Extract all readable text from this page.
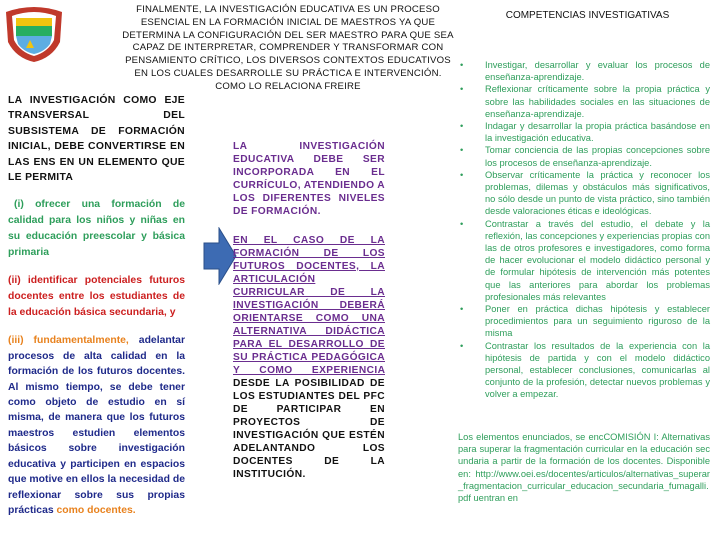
FINALMENTE, LA INVESTIGACIÓN EDUCATIVA ES UN PROCESO ESENCIAL EN LA FORMACIÓN INICIAL DE MAESTROS YA QUE DETERMINA LA CONFIGURACIÓN DEL SER MAESTRO PARA QUE SEA CAPAZ DE INTERPRETAR, COMPRENDER Y TRANSFORMAR CON PENSAMIENTO CRÍTICO, LOS DIVERSOS CONTEXTOS EDUCATIVOS EN LOS CUALES DESARROLLE SU PRÁCTICA E INTERVENCIÓN. COMO LO RELACIONA FREIRE

LA INVESTIGACIÓN COMO EJE TRANSVERSAL DEL SUBSISTEMA DE FORMACIÓN INICIAL, DEBE CONVERTIRSE EN LAS ENS EN UN ELEMENTO QUE LE PERMITA

(i) ofrecer una formación de calidad para los niños y niñas en su educación preescolar y básica primaria

(ii) identificar potenciales futuros docentes entre los estudiantes de la educación básica secundaria, y

(iii) fundamentalmente, adelantar procesos de alta calidad en la formación de los futuros docentes. Al mismo tiempo, se debe tener como objeto de estudio en sí misma, de manera que los futuros maestros estudien elementos básicos sobre investigación educativa y participen en espacios que motive en ellos la necesidad de reflexionar sobre sus propias prácticas como docentes.

LA INVESTIGACIÓN EDUCATIVA DEBE SER INCORPORADA EN EL CURRÍCULO, ATENDIENDO A LOS DIFERENTES NIVELES DE FORMACIÓN.

EN EL CASO DE LA FORMACIÓN DE LOS FUTUROS DOCENTES, LA ARTICULACIÓN CURRICULAR DE LA INVESTIGACIÓN DEBERÁ ORIENTARSE COMO UNA ALTERNATIVA DIDÁCTICA PARA EL DESARROLLO DE SU PRÁCTICA PEDAGÓGICA Y COMO EXPERIENCIA DESDE LA POSIBILIDAD DE LOS ESTUDIANTES DEL PFC DE PARTICIPAR EN PROYECTOS DE INVESTIGACIÓN QUE ESTÉN ADELANTANDO LOS DOCENTES DE LA INSTITUCIÓN.

COMPETENCIAS INVESTIGATIVAS
• Investigar, desarrollar y evaluar los procesos de enseñanza-aprendizaje.
• Reflexionar críticamente sobre la propia práctica y sobre las habilidades sociales en las situaciones de enseñanza-aprendizaje.
• Indagar y desarrollar la propia práctica basándose en la investigación educativa.
• Tomar conciencia de las propias concepciones sobre los procesos de enseñanza-aprendizaje.
• Observar críticamente la práctica y reconocer los problemas, dilemas y obstáculos más significativos, no sólo desde un punto de vista práctico, sino también desde valoraciones éticas e ideológicas.
• Contrastar a través del estudio, el debate y la reflexión, las concepciones y experiencias propias con las de otros profesores e investigadores, como forma de hacer evolucionar el modelo didáctico personal y de formular hipótesis de intervención más potentes que las anteriores para abordar los problemas profesionales más relevantes
• Poner en práctica dichas hipótesis y establecer procedimientos para un seguimiento riguroso de la misma
• Contrastar los resultados de la experiencia con la hipótesis de partida y con el modelo didáctico personal, establecer conclusiones, comunicarlas al conjunto de la profesión, detectar nuevos problemas y volver a empezar.
Los elementos enunciados, se encCOMISIÓN I: Alternativas para superar la fragmentación curricular en la educación secundaria a partir de la formación de los docentes. Disponible en: http://www.oei.es/docentes/articulos/alternativas_superar_fragmentacion_curricular_educacion_secundaria_fumagalli.pdf uentran en
